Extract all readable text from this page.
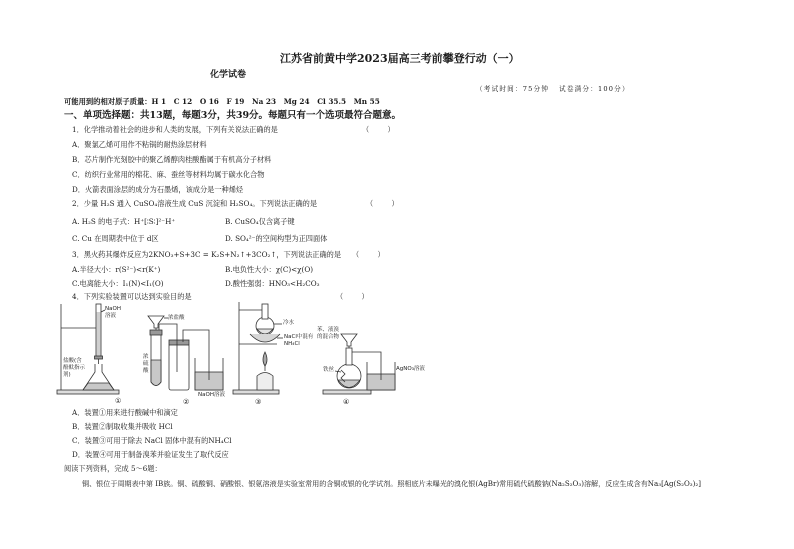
江苏省前黄中学2023届高三考前攀登行动（一）
化学试卷
（考试时间：75分钟   试卷满分：100分）
可能用到的相对原子质量：H 1   C 12   O 16   F 19   Na 23   Mg 24   Cl 35.5   Mn 55
一、单项选择题：共13题，每题3分，共39分。每题只有一个选项最符合题意。
1．化学推动着社会的进步和人类的发展，下列有关说法正确的是	（        ）
A．聚氯乙烯可用作不粘锅的耐热涂层材料
B．芯片制作光刻胶中的聚乙烯醇肉桂酸酯属于有机高分子材料
C．纺织行业常用的棉花、麻、蚕丝等材料均属于碳水化合物
D．火箭表面涂层的成分为石墨烯，该成分是一种烯烃
2．少量 H₂S 通入 CuSO₄溶液生成 CuS 沉淀和 H₂SO₄。下列说法正确的是	（        ）
A. H₂S 的电子式：H⁺[∶S∶]²⁻H⁺	B. CuSO₄仅含离子键
C. Cu 在周期表中位于 d区	D. SO₄²⁻的空间构型为正四面体
3．黑火药其爆炸反应为2KNO₃+S+3C = K₂S+N₂↑+3CO₂↑，下列说法正确的是 （        ）
A.半径大小：r(S²⁻)<r(K⁺)	B.电负性大小：χ(C)<χ(O)
C.电离能大小：I₁(N)<I₁(O)	D.酸性强弱：HNO₃<H₂CO₃
4．下列实验装置可以达到实验目的是	（        ）
NaOH溶液
盐酸(含酚酞指示剂)
浓盐酸
浓硫酸
NaOH溶液
冷水
NaCl中混有NH₄Cl
苯、液溴的混合物
铁丝	AgNO₃溶液
①	②	③	④
A．装置①用来进行酸碱中和滴定
B．装置②制取收集并吸收 HCl
C．装置③可用于除去 NaCl 固体中混有的NH₄Cl
D．装置④可用于制备溴苯并验证发生了取代反应
阅读下列资料，完成 5～6题：
铜、银位于周期表中第 IB族。铜、硫酸铜、硝酸银、银氨溶液是实验室常用的含铜或银的化学试剂。照相底片未曝光的溴化银(AgBr)常用硫代硫酸钠(Na₂S₂O₃)溶解，反应生成含有Na₃[Ag(S₂O₃)₂]
